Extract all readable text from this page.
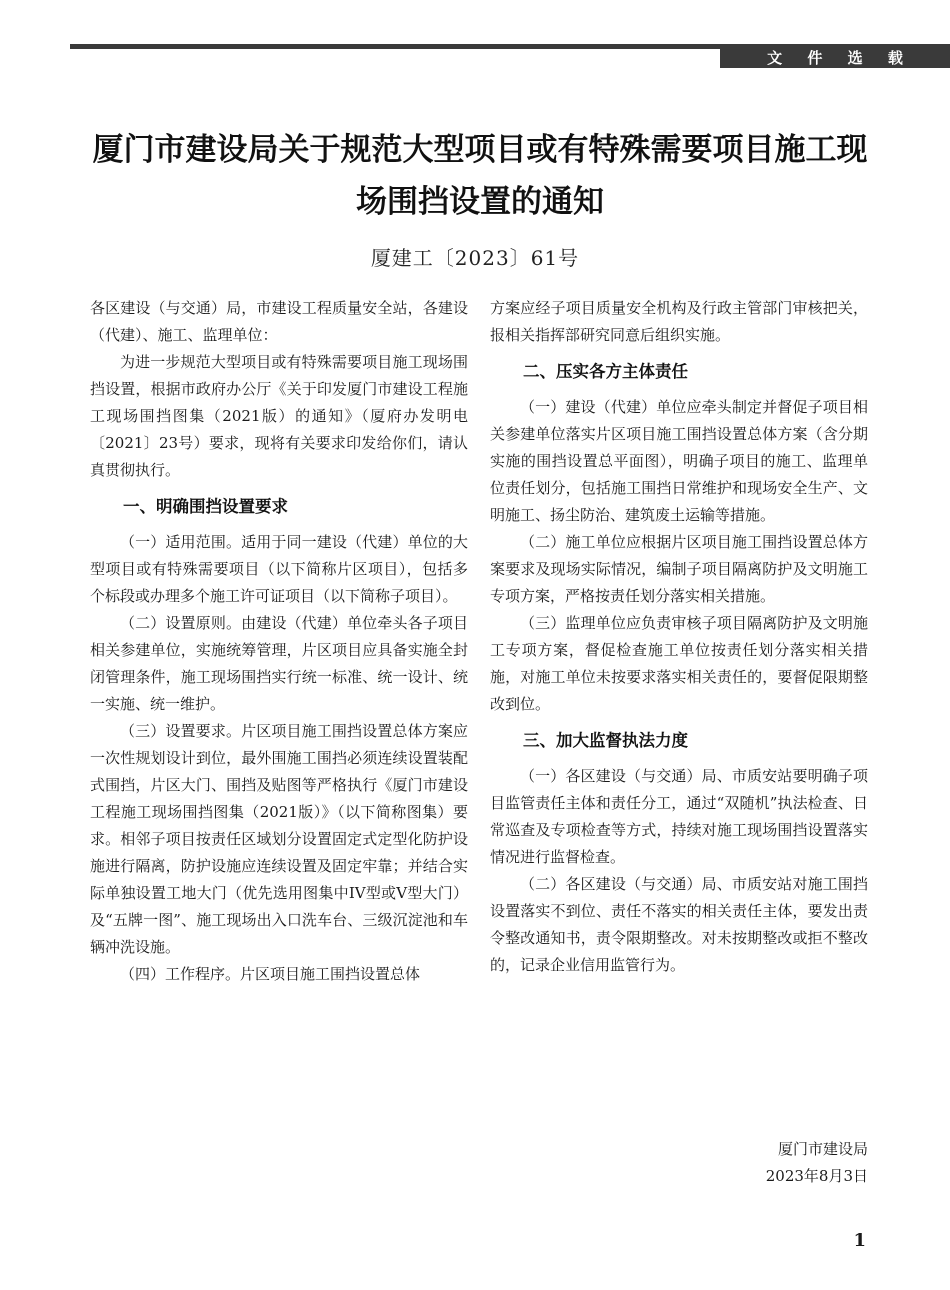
文 件 选 载
厦门市建设局关于规范大型项目或有特殊需要项目施工现场围挡设置的通知
厦建工〔2023〕61号

各区建设（与交通）局，市建设工程质量安全站，各建设（代建）、施工、监理单位：

为进一步规范大型项目或有特殊需要项目施工现场围挡设置，根据市政府办公厅《关于印发厦门市建设工程施工现场围挡图集（2021版）的通知》（厦府办发明电〔2021〕23号）要求，现将有关要求印发给你们，请认真贯彻执行。

一、明确围挡设置要求

（一）适用范围。适用于同一建设（代建）单位的大型项目或有特殊需要项目（以下简称片区项目），包括多个标段或办理多个施工许可证项目（以下简称子项目）。

（二）设置原则。由建设（代建）单位牵头各子项目相关参建单位，实施统筹管理，片区项目应具备实施全封闭管理条件，施工现场围挡实行统一标准、统一设计、统一实施、统一维护。

（三）设置要求。片区项目施工围挡设置总体方案应一次性规划设计到位，最外围施工围挡必须连续设置装配式围挡，片区大门、围挡及贴图等严格执行《厦门市建设工程施工现场围挡图集（2021版）》（以下简称图集）要求。相邻子项目按责任区域划分设置固定式定型化防护设施进行隔离，防护设施应连续设置及固定牢靠；并结合实际单独设置工地大门（优先选用图集中IV型或V型大门）及“五牌一图”、施工现场出入口洗车台、三级沉淀池和车辆冲洗设施。

（四）工作程序。片区项目施工围挡设置总体

方案应经子项目质量安全机构及行政主管部门审核把关，报相关指挥部研究同意后组织实施。

二、压实各方主体责任

（一）建设（代建）单位应牵头制定并督促子项目相关参建单位落实片区项目施工围挡设置总体方案（含分期实施的围挡设置总平面图），明确子项目的施工、监理单位责任划分，包括施工围挡日常维护和现场安全生产、文明施工、扬尘防治、建筑废土运输等措施。

（二）施工单位应根据片区项目施工围挡设置总体方案要求及现场实际情况，编制子项目隔离防护及文明施工专项方案，严格按责任划分落实相关措施。

（三）监理单位应负责审核子项目隔离防护及文明施工专项方案，督促检查施工单位按责任划分落实相关措施，对施工单位未按要求落实相关责任的，要督促限期整改到位。

三、加大监督执法力度

（一）各区建设（与交通）局、市质安站要明确子项目监管责任主体和责任分工，通过“双随机”执法检查、日常巡查及专项检查等方式，持续对施工现场围挡设置落实情况进行监督检查。

（二）各区建设（与交通）局、市质安站对施工围挡设置落实不到位、责任不落实的相关责任主体，要发出责令整改通知书，责令限期整改。对未按期整改或拒不整改的，记录企业信用监管行为。

厦门市建设局
2023年8月3日
1
